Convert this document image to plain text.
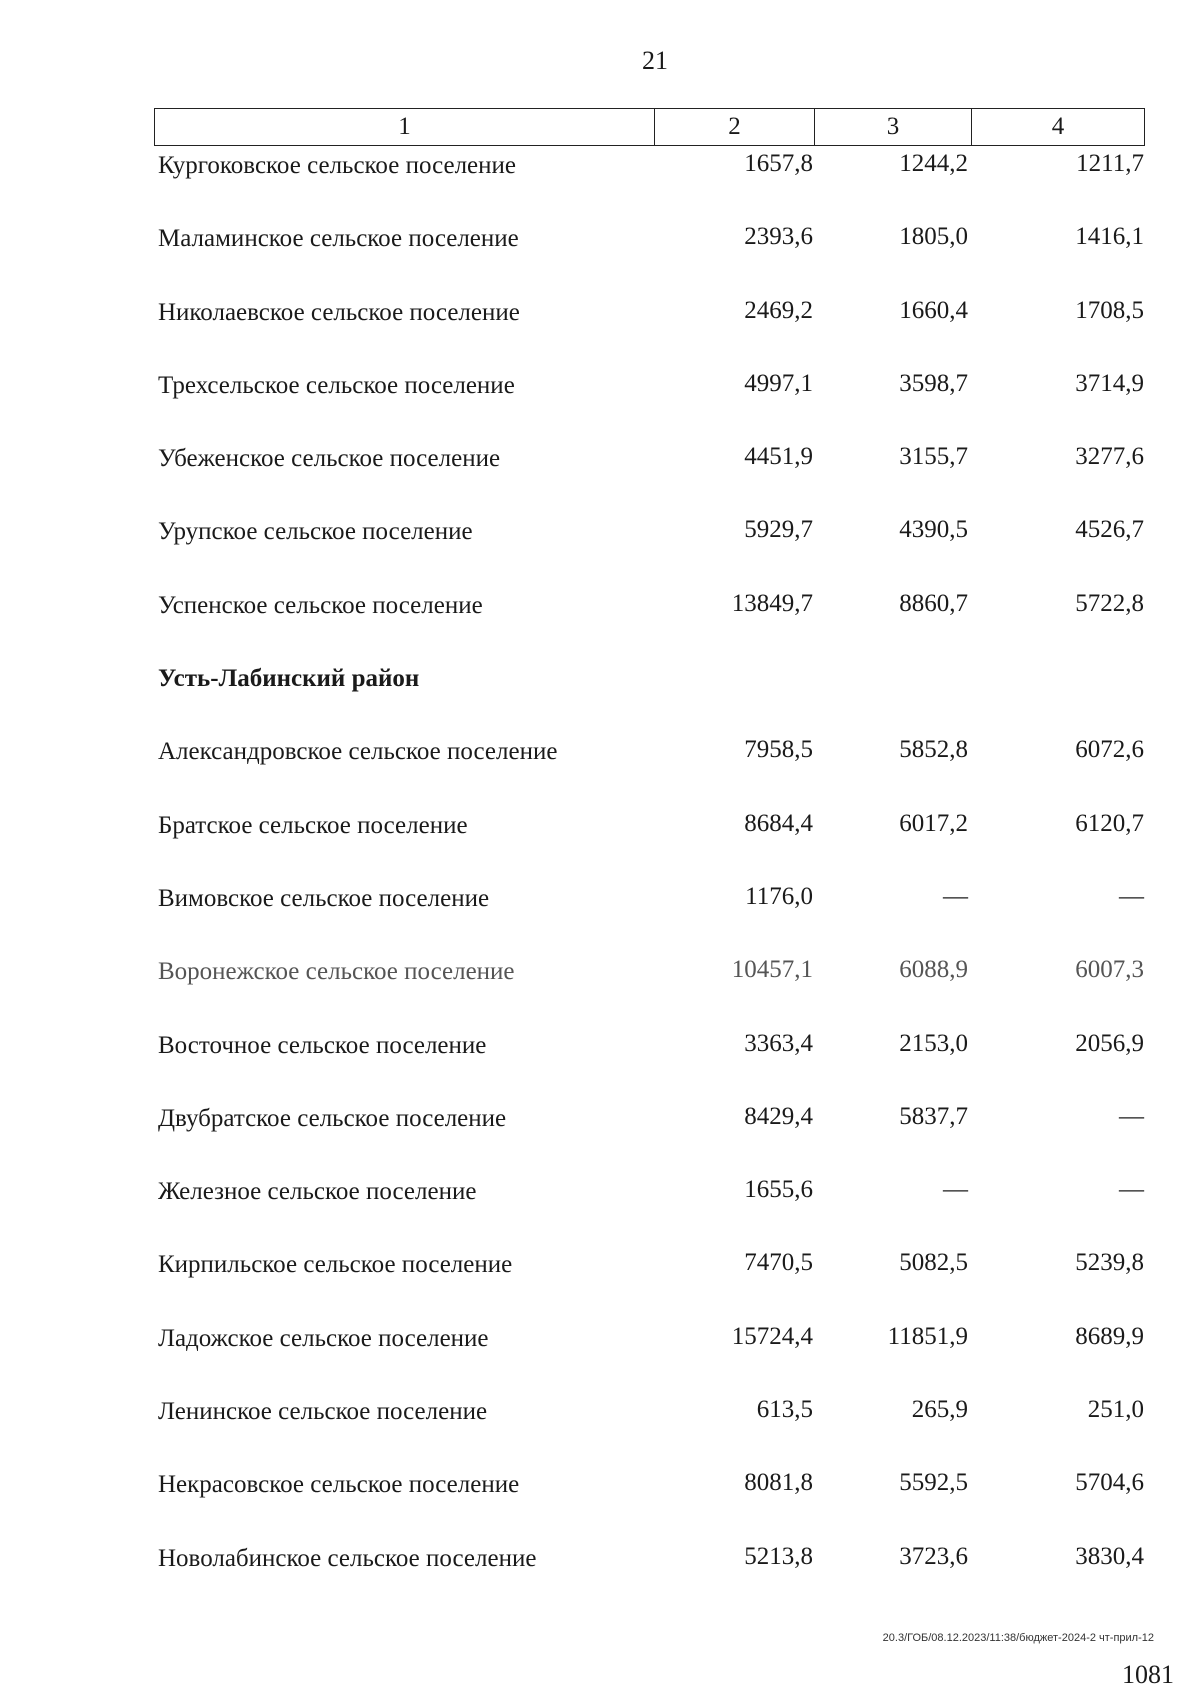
21
1	2	3	4
Кургоковское сельское поселение	1657,8	1244,2	1211,7
Маламинское сельское поселение	2393,6	1805,0	1416,1
Николаевское сельское поселение	2469,2	1660,4	1708,5
Трехсельское сельское поселение	4997,1	3598,7	3714,9
Убеженское сельское поселение	4451,9	3155,7	3277,6
Урупское сельское поселение	5929,7	4390,5	4526,7
Успенское сельское поселение	13849,7	8860,7	5722,8
Усть-Лабинский район
Александровское сельское поселение	7958,5	5852,8	6072,6
Братское сельское поселение	8684,4	6017,2	6120,7
Вимовское сельское поселение	1176,0	—	—
Воронежское сельское поселение	10457,1	6088,9	6007,3
Восточное сельское поселение	3363,4	2153,0	2056,9
Двубратское сельское поселение	8429,4	5837,7	—
Железное сельское поселение	1655,6	—	—
Кирпильское сельское поселение	7470,5	5082,5	5239,8
Ладожское сельское поселение	15724,4	11851,9	8689,9
Ленинское сельское поселение	613,5	265,9	251,0
Некрасовское сельское поселение	8081,8	5592,5	5704,6
Новолабинское сельское поселение	5213,8	3723,6	3830,4
20.3/ГОБ/08.12.2023/11:38/бюджет-2024-2 чт-прил-12
1081
